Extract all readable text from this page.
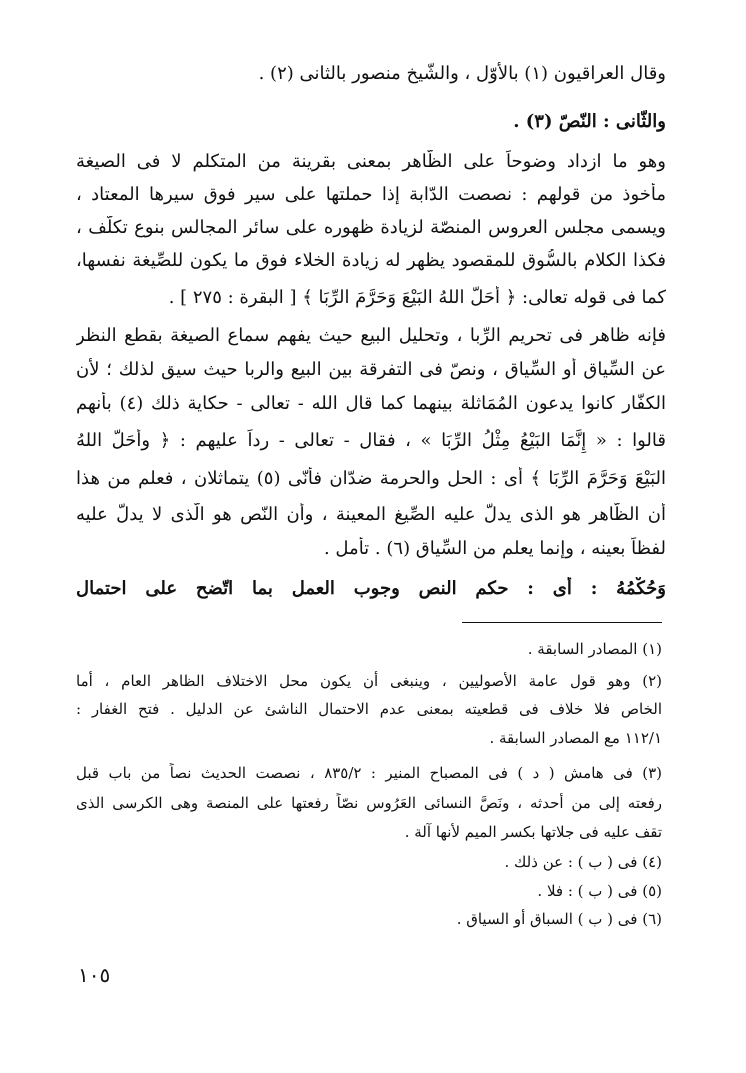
وقال العراقيون (١) بالأوّل ، والشّيخ منصور بالثانى (٢) .
والثّانى : النّصّ (٣) .
وهو ما ازداد وضوحاً على الظّاهر بمعنى بقرينة من المتكلم لا فى الصيغة
مأخوذ من قولهم : نصصت الدّابة إذا حملتها على سير فوق سيرها المعتاد ،
ويسمى مجلس العروس المنصّة لزيادة ظهوره على سائر المجالس بنوع تكلّف ،
فكذا الكلام بالسُّوق للمقصود يظهر له زيادة الخلاء فوق ما يكون للصِّيغة نفسها،
كما فى قوله تعالى: ﴿ أَحَلَّ اللهُ البَيْعَ وَحَرَّمَ الرِّبَا ﴾ [ البقرة : ٢٧٥ ] .
فإنه ظاهر فى تحريم الرِّبا ، وتحليل البيع حيث يفهم سماع الصيغة بقطع النظر
عن السِّياق أو السِّياق ، ونصّ فى التفرقة بين البيع والربا حيث سيق لذلك ؛ لأن
الكفّار كانوا يدعون المُمَاثلة بينهما كما قال الله - تعالى - حكاية ذلك (٤) بأنهم
قالوا : « إِنَّمَا البَيْعُ مِثْلُ الرِّبَا » ، فقال - تعالى - رداً عليهم : ﴿ وأَحَلَّ اللهُ
البَيْعَ وَحَرَّمَ الرِّبَا ﴾ أى : الحل والحرمة ضدّان فأنّى (٥) يتماثلان ، فعلم من هذا
أن الظّاهر هو الذى يدلّ عليه الصِّيغ المعينة ، وأن النّص هو الّذى لا يدلُّ عليه
لفظاً بعينه ، وإنما يعلم من السِّياق (٦) . تأمل .
وَحُكْمُهُ : أى : حكم النص وجوب العمل بما اتّضح على احتمال
(١) المصادر السابقة .
(٢) وهو قول عامة الأصوليين ، وينبغى أن يكون محل الاختلاف الظاهر العام ، أما
الخاص فلا خلاف فى قطعيته بمعنى عدم الاحتمال الناشئ عن الدليل . فتح الغفار :
١١٢/١ مع المصادر السابقة .
(٣) فى هامش ( د ) فى المصباح المنير : ٨٣٥/٢ ، نصصت الحديث نصاً من باب قبل
رفعته إلى من أحدثه ، ونَصَّ النسائى العَرُوس نصّاً رفعتها على المنصة وهى الكرسى الذى
تقف عليه فى جلاتها بكسر الميم لأنها آلة .
(٤) فى ( ب ) : عن ذلك .
(٥) فى ( ب ) : فلا .
(٦) فى ( ب ) السباق أو السياق .
١٠٥
